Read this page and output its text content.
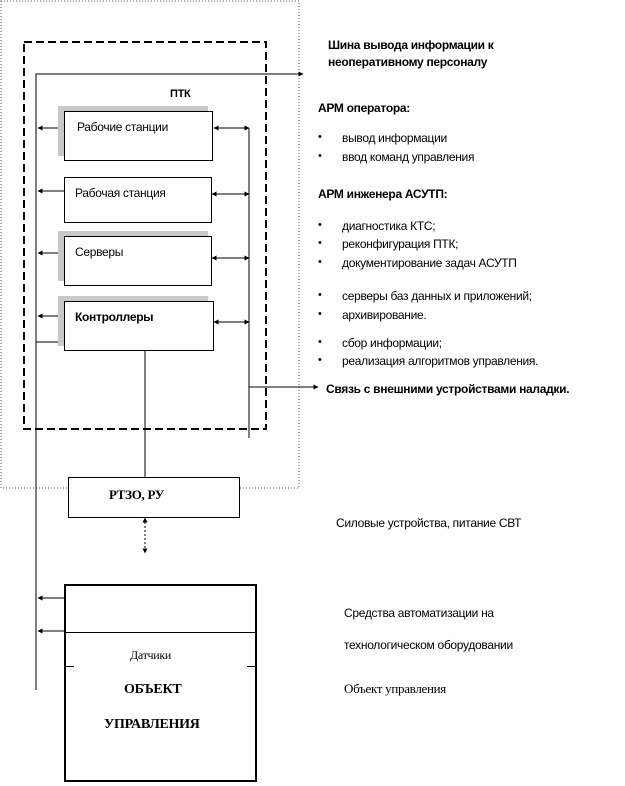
ПТК
Рабочие станции
Рабочая станция
Серверы
Контроллеры
РТЗО, РУ
Датчики
ОБЪЕКТ
УПРАВЛЕНИЯ
Шина вывода информации к
неоперативному персоналу
АРМ оператора:
• вывод информации
• ввод команд управления
АРМ инженера АСУТП:
• диагностика КТС;
• реконфигурация ПТК;
• документирование задач АСУТП
• серверы баз данных и приложений;
• архивирование.
• сбор информации;
• реализация алгоритмов управления.
Связь с внешними устройствами наладки.
Силовые устройства, питание СВТ
Средства автоматизации на
технологическом оборудовании
Объект управления
